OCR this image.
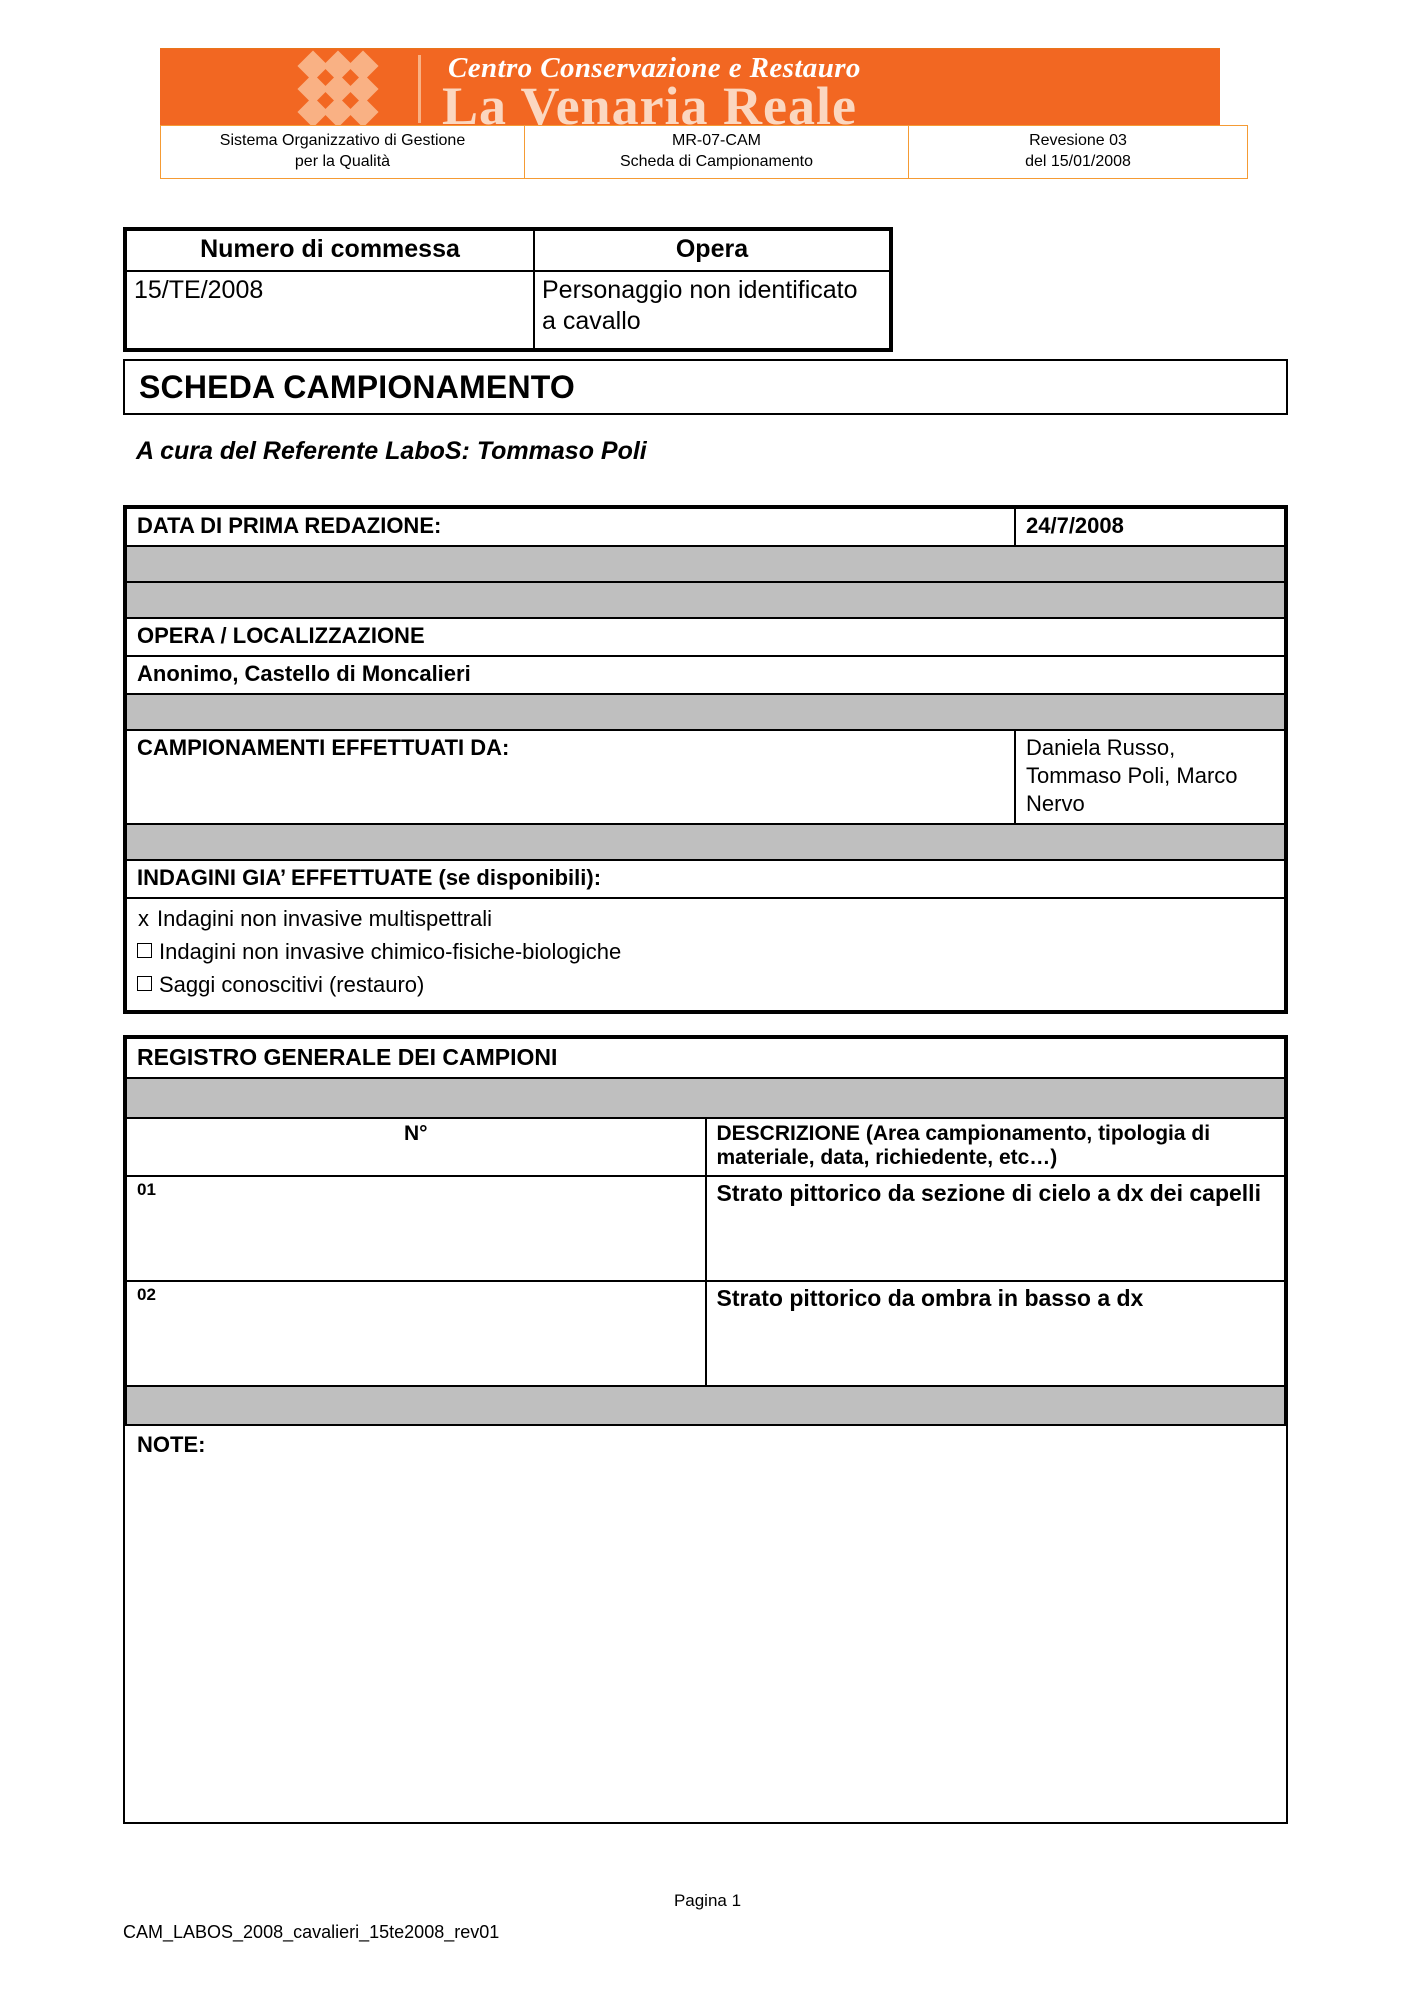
Centro Conservazione e Restauro
La Venaria Reale
Sistema Organizzativo di Gestione
per la Qualità

MR-07-CAM
Scheda di Campionamento

Revesione 03
del 15/01/2008
Numero di commessa	Opera
15/TE/2008	Personaggio non identificato
a cavallo
SCHEDA CAMPIONAMENTO
A cura del Referente LaboS: Tommaso Poli
DATA DI PRIMA REDAZIONE:	24/7/2008

OPERA / LOCALIZZAZIONE	
Anonimo, Castello di Moncalieri	

CAMPIONAMENTI EFFETTUATI DA:	Daniela Russo, Tommaso Poli, Marco Nervo

INDAGINI GIA’ EFFETTUATE (se disponibili):	

x Indagini non invasive multispettrali
Indagini non invasive chimico-fisiche-biologiche
Saggi conoscitivi (restauro)	
REGISTRO GENERALE DEI CAMPIONI	

N°	DESCRIZIONE (Area campionamento, tipologia di materiale, data, richiedente, etc…)
01	Strato pittorico da sezione di cielo a dx dei capelli
02	Strato pittorico da ombra in basso a dx

NOTE:
Pagina 1
CAM_LABOS_2008_cavalieri_15te2008_rev01
